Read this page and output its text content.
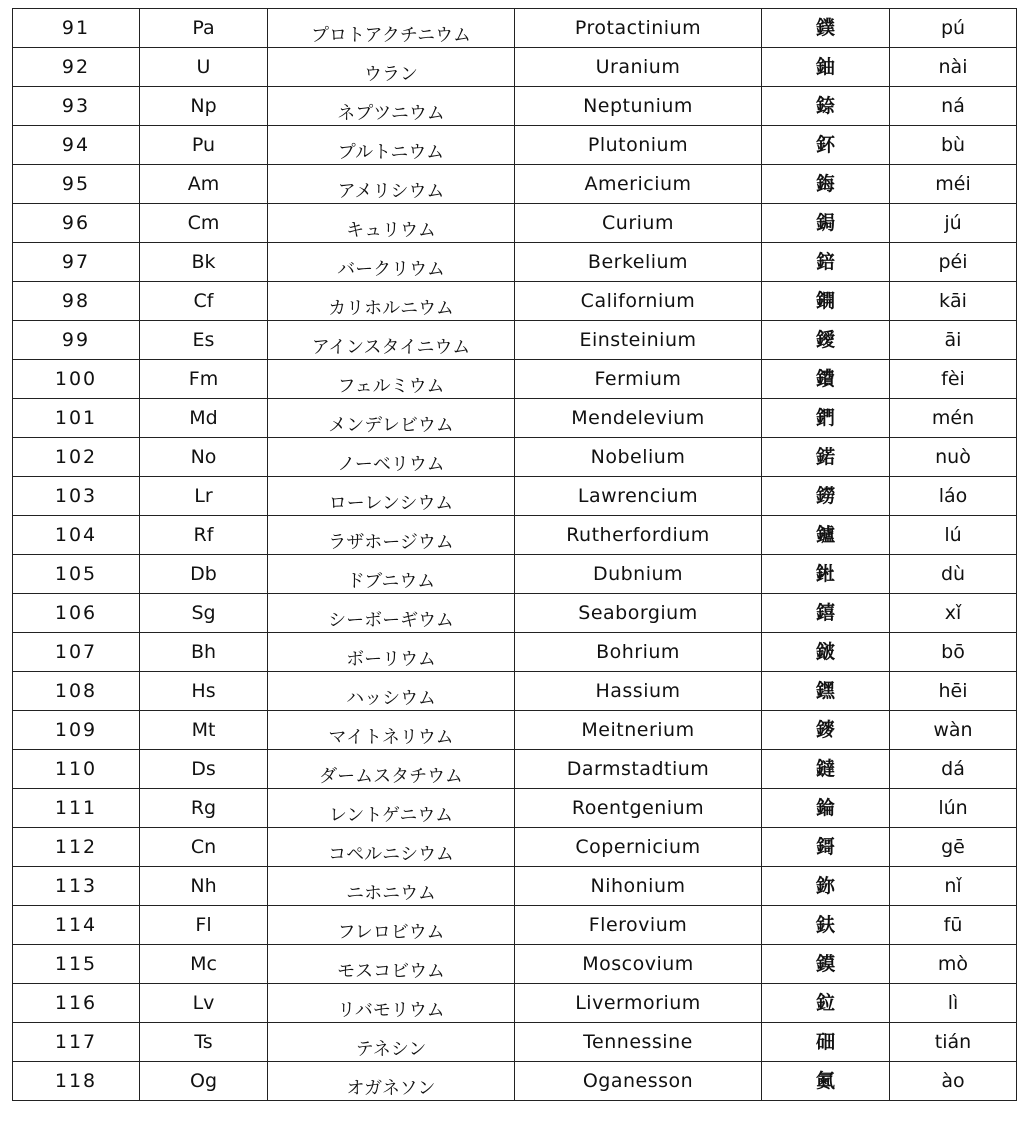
91	Pa	プロトアクチニウム	Protactinium	鏷	pú
92	U	ウラン	Uranium	鈾	nài
93	Np	ネプツニウム	Neptunium	錼	ná
94	Pu	プルトニウム	Plutonium	鈈	bù
95	Am	アメリシウム	Americium	鋂	méi
96	Cm	キュリウム	Curium	鋦	jú
97	Bk	バークリウム	Berkelium	錇	péi
98	Cf	カリホルニウム	Californium	鐦	kāi
99	Es	アインスタイニウム	Einsteinium	鑀	āi
100	Fm	フェルミウム	Fermium	鐨	fèi
101	Md	メンデレビウム	Mendelevium	鍆	mén
102	No	ノーベリウム	Nobelium	鍩	nuò
103	Lr	ローレンシウム	Lawrencium	鐒	láo
104	Rf	ラザホージウム	Rutherfordium	鑪	lú
105	Db	ドブニウム	Dubnium	𨧀	dù
106	Sg	シーボーギウム	Seaborgium	𨭎	xǐ
107	Bh	ボーリウム	Bohrium	𨨏	bō
108	Hs	ハッシウム	Hassium	𨭆	hēi
109	Mt	マイトネリウム	Meitnerium	䥑	wàn
110	Ds	ダームスタチウム	Darmstadtium	鐽	dá
111	Rg	レントゲニウム	Roentgenium	錀	lún
112	Cn	コペルニシウム	Copernicium	鎶	gē
113	Nh	ニホニウム	Nihonium	鉨	nǐ
114	Fl	フレロビウム	Flerovium	鈇	fū
115	Mc	モスコビウム	Moscovium	鏌	mò
116	Lv	リバモリウム	Livermorium	鉝	lì
117	Ts	テネシン	Tennessine	鿬	tián
118	Og	オガネソン	Oganesson	鿫	ào
